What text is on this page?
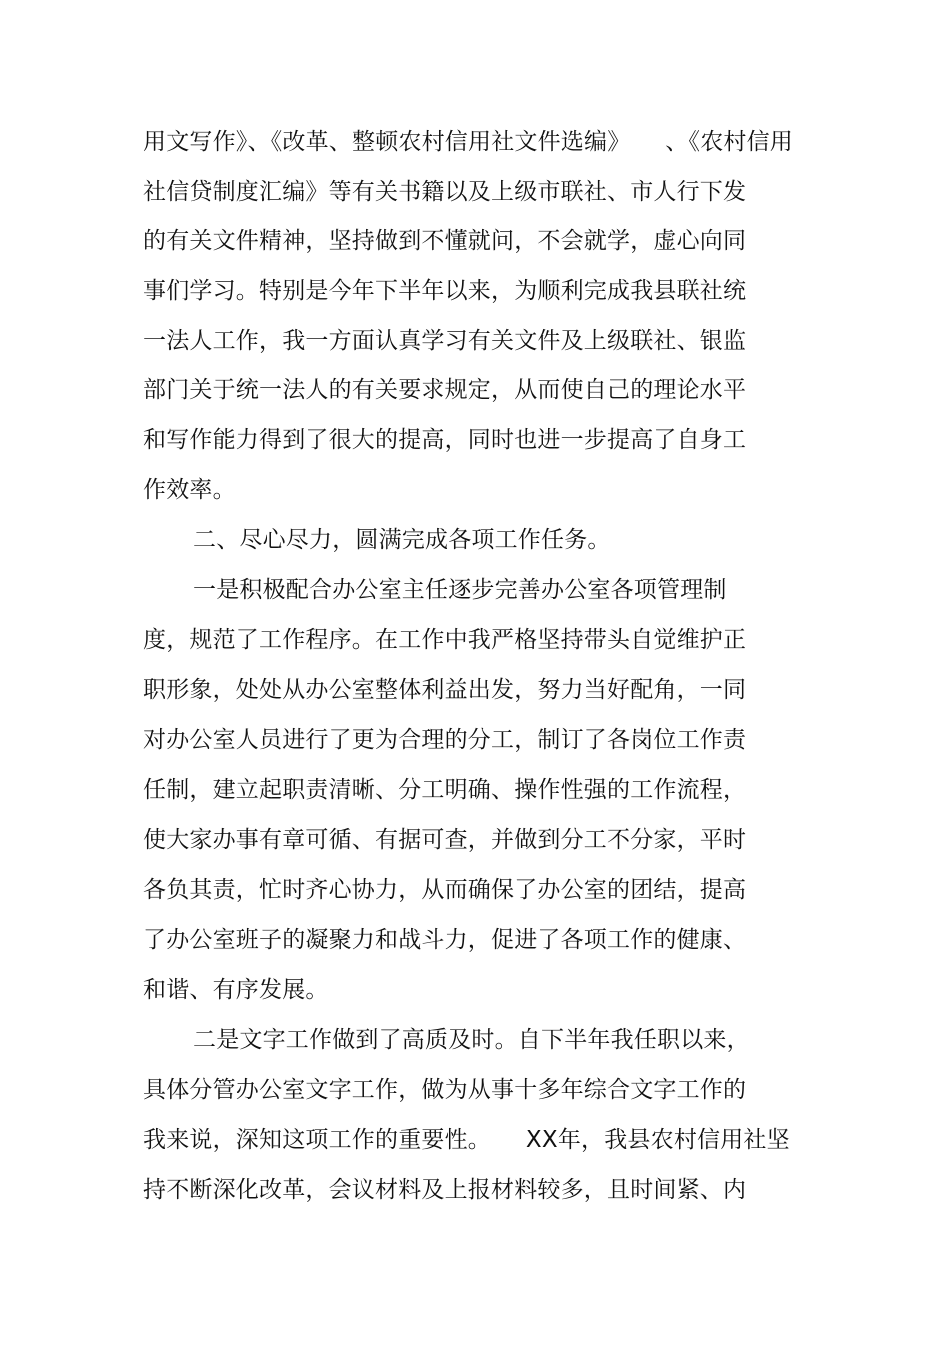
用文写作》、《改革、整顿农村信用社文件选编》　　、《农村信用
社信贷制度汇编》等有关书籍以及上级市联社、市人行下发
的有关文件精神，坚持做到不懂就问，不会就学，虚心向同
事们学习。特别是今年下半年以来，为顺利完成我县联社统
一法人工作，我一方面认真学习有关文件及上级联社、银监
部门关于统一法人的有关要求规定，从而使自己的理论水平
和写作能力得到了很大的提高，同时也进一步提高了自身工
作效率。
二、尽心尽力，圆满完成各项工作任务。
一是积极配合办公室主任逐步完善办公室各项管理制
度，规范了工作程序。在工作中我严格坚持带头自觉维护正
职形象，处处从办公室整体利益出发，努力当好配角，一同
对办公室人员进行了更为合理的分工，制订了各岗位工作责
任制，建立起职责清晰、分工明确、操作性强的工作流程，
使大家办事有章可循、有据可查，并做到分工不分家，平时
各负其责，忙时齐心协力，从而确保了办公室的团结，提高
了办公室班子的凝聚力和战斗力，促进了各项工作的健康、
和谐、有序发展。
二是文字工作做到了高质及时。自下半年我任职以来，
具体分管办公室文字工作，做为从事十多年综合文字工作的
我来说，深知这项工作的重要性。　　XX年，我县农村信用社坚
持不断深化改革，会议材料及上报材料较多，且时间紧、内
